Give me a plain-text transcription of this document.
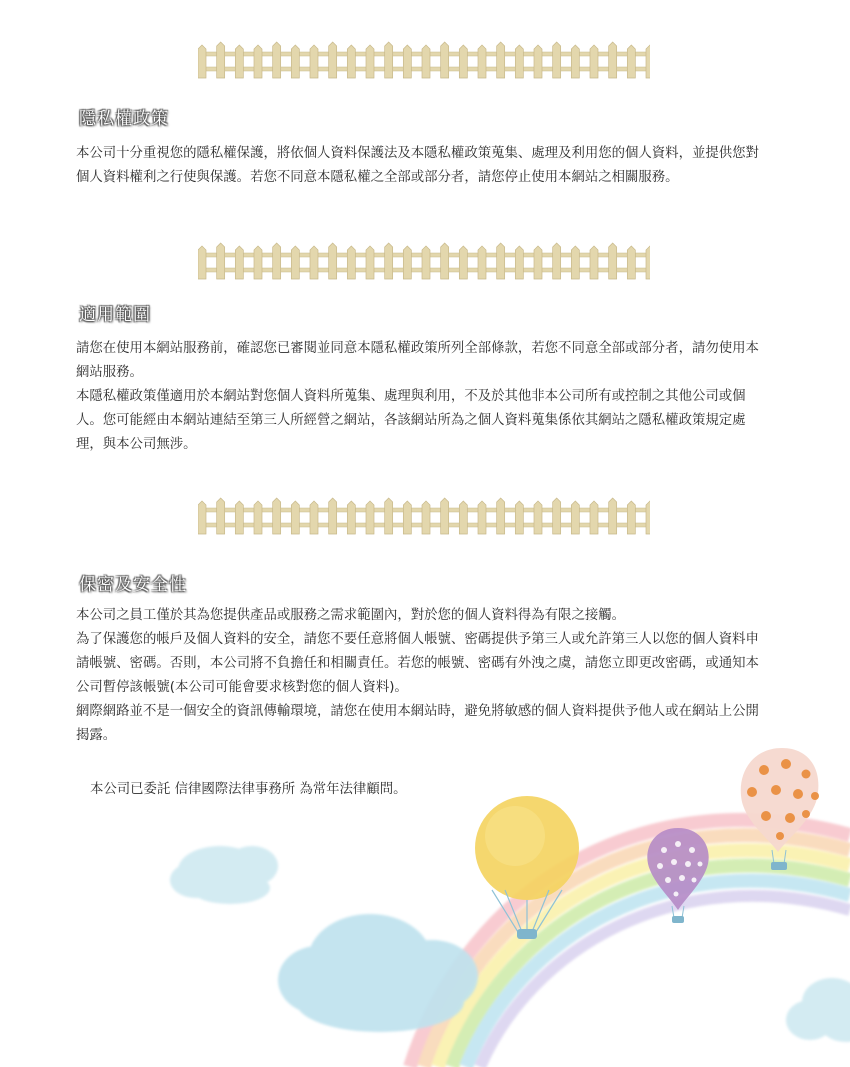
隱私權政策

本公司十分重視您的隱私權保護，將依個人資料保護法及本隱私權政策蒐集、處理及利用您的個人資料，並提供您對個人資料權利之行使與保護。若您不同意本隱私權之全部或部分者，請您停止使用本網站之相關服務。

適用範圍

請您在使用本網站服務前，確認您已審閱並同意本隱私權政策所列全部條款，若您不同意全部或部分者，請勿使用本網站服務。

本隱私權政策僅適用於本網站對您個人資料所蒐集、處理與利用，不及於其他非本公司所有或控制之其他公司或個人。您可能經由本網站連結至第三人所經營之網站，各該網站所為之個人資料蒐集係依其網站之隱私權政策規定處理，與本公司無涉。

保密及安全性

本公司之員工僅於其為您提供產品或服務之需求範圍內，對於您的個人資料得為有限之接觸。

為了保護您的帳戶及個人資料的安全，請您不要任意將個人帳號、密碼提供予第三人或允許第三人以您的個人資料申請帳號、密碼。否則，本公司將不負擔任和相關責任。若您的帳號、密碼有外洩之虞，請您立即更改密碼，或通知本公司暫停該帳號(本公司可能會要求核對您的個人資料)。

網際網路並不是一個安全的資訊傳輸環境，請您在使用本網站時，避免將敏感的個人資料提供予他人或在網站上公開揭露。

本公司已委託 信律國際法律事務所 為常年法律顧問。
